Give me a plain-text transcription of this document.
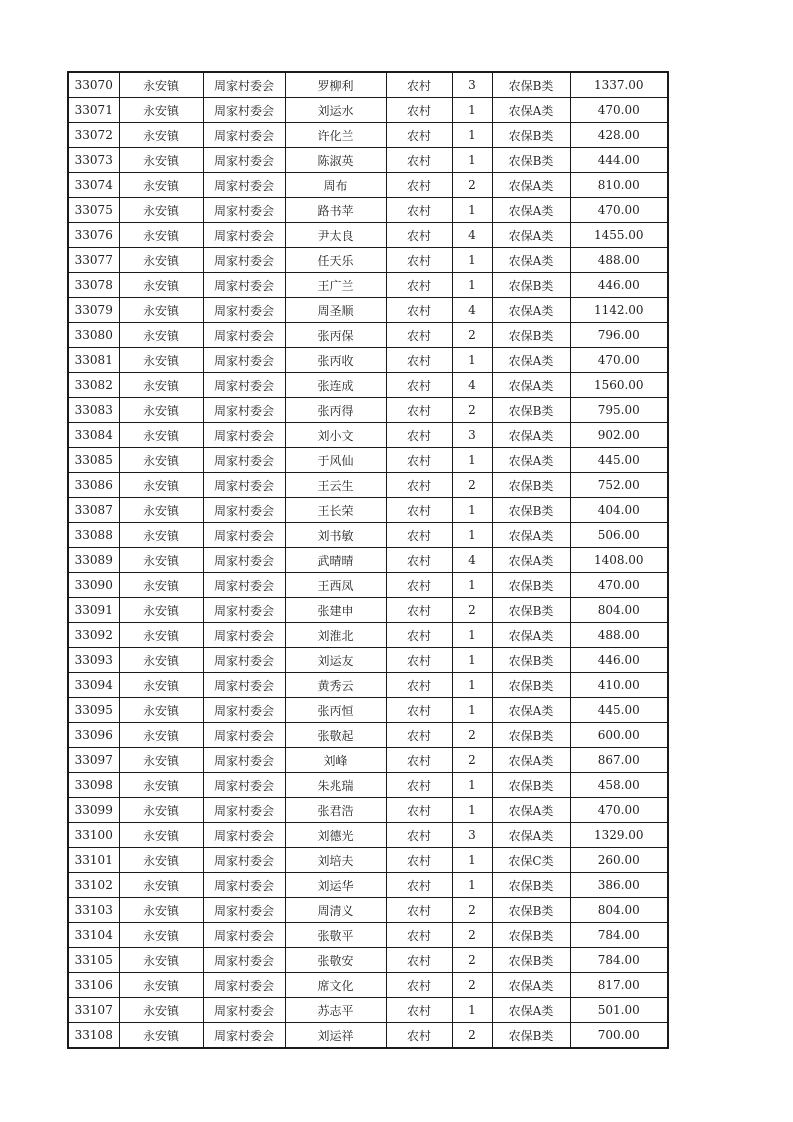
33070	永安镇	周家村委会	罗柳利	农村	3	农保B类	1337.00
33071	永安镇	周家村委会	刘运水	农村	1	农保A类	470.00
33072	永安镇	周家村委会	许化兰	农村	1	农保B类	428.00
33073	永安镇	周家村委会	陈淑英	农村	1	农保B类	444.00
33074	永安镇	周家村委会	周布	农村	2	农保A类	810.00
33075	永安镇	周家村委会	路书苹	农村	1	农保A类	470.00
33076	永安镇	周家村委会	尹太良	农村	4	农保A类	1455.00
33077	永安镇	周家村委会	任天乐	农村	1	农保A类	488.00
33078	永安镇	周家村委会	王广兰	农村	1	农保B类	446.00
33079	永安镇	周家村委会	周圣顺	农村	4	农保A类	1142.00
33080	永安镇	周家村委会	张丙保	农村	2	农保B类	796.00
33081	永安镇	周家村委会	张丙收	农村	1	农保A类	470.00
33082	永安镇	周家村委会	张连成	农村	4	农保A类	1560.00
33083	永安镇	周家村委会	张丙得	农村	2	农保B类	795.00
33084	永安镇	周家村委会	刘小文	农村	3	农保A类	902.00
33085	永安镇	周家村委会	于风仙	农村	1	农保A类	445.00
33086	永安镇	周家村委会	王云生	农村	2	农保B类	752.00
33087	永安镇	周家村委会	王长荣	农村	1	农保B类	404.00
33088	永安镇	周家村委会	刘书敏	农村	1	农保A类	506.00
33089	永安镇	周家村委会	武晴晴	农村	4	农保A类	1408.00
33090	永安镇	周家村委会	王西凤	农村	1	农保B类	470.00
33091	永安镇	周家村委会	张建申	农村	2	农保B类	804.00
33092	永安镇	周家村委会	刘淮北	农村	1	农保A类	488.00
33093	永安镇	周家村委会	刘运友	农村	1	农保B类	446.00
33094	永安镇	周家村委会	黄秀云	农村	1	农保B类	410.00
33095	永安镇	周家村委会	张丙恒	农村	1	农保A类	445.00
33096	永安镇	周家村委会	张敬起	农村	2	农保B类	600.00
33097	永安镇	周家村委会	刘峰	农村	2	农保A类	867.00
33098	永安镇	周家村委会	朱兆瑞	农村	1	农保B类	458.00
33099	永安镇	周家村委会	张君浩	农村	1	农保A类	470.00
33100	永安镇	周家村委会	刘德光	农村	3	农保A类	1329.00
33101	永安镇	周家村委会	刘培夫	农村	1	农保C类	260.00
33102	永安镇	周家村委会	刘运华	农村	1	农保B类	386.00
33103	永安镇	周家村委会	周清义	农村	2	农保B类	804.00
33104	永安镇	周家村委会	张敬平	农村	2	农保B类	784.00
33105	永安镇	周家村委会	张敬安	农村	2	农保B类	784.00
33106	永安镇	周家村委会	席文化	农村	2	农保A类	817.00
33107	永安镇	周家村委会	苏志平	农村	1	农保A类	501.00
33108	永安镇	周家村委会	刘运祥	农村	2	农保B类	700.00
